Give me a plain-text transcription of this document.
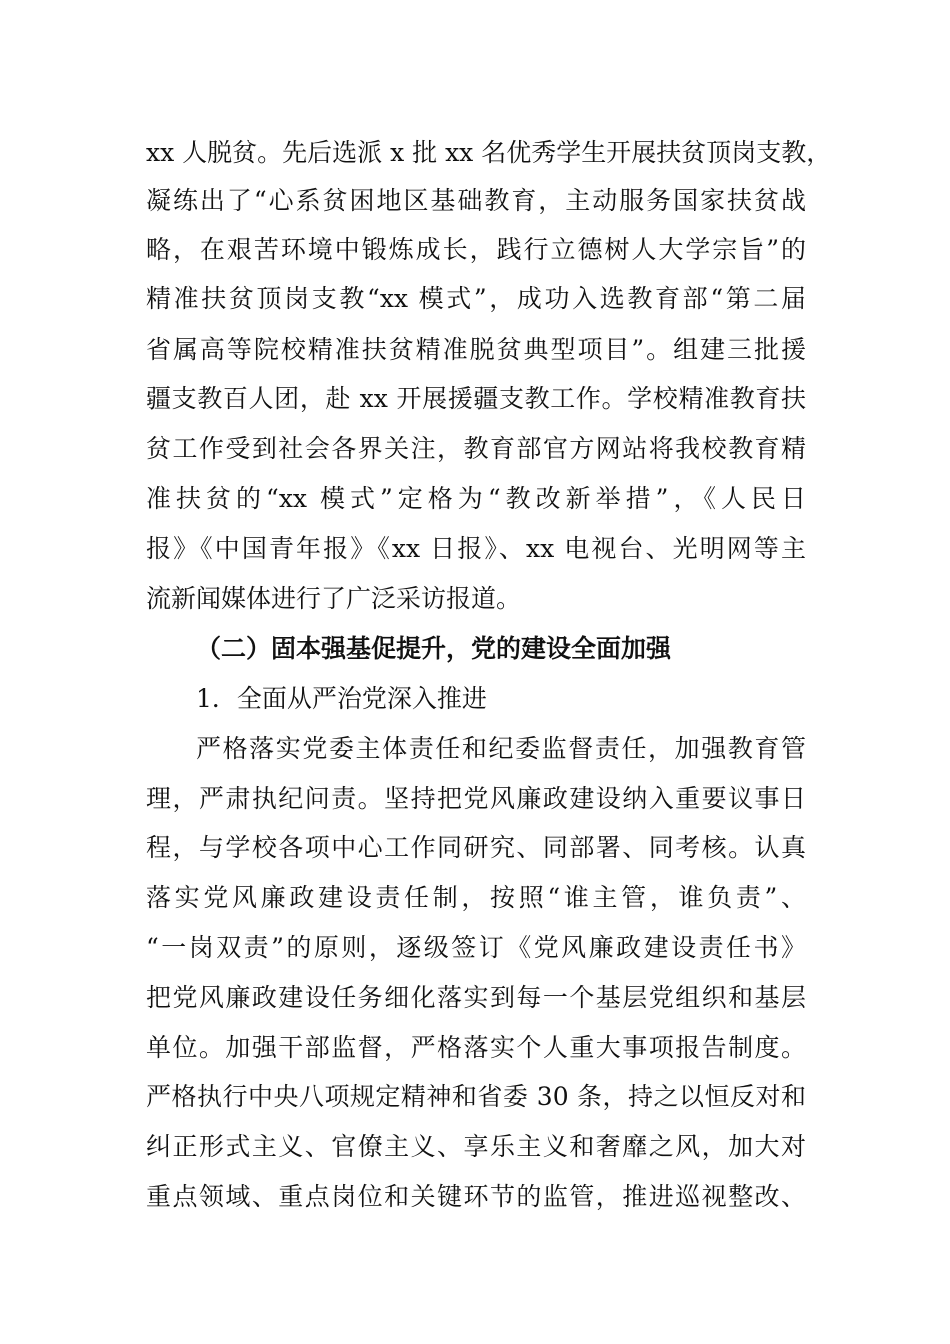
xx 人脱贫。先后选派 x 批 xx 名优秀学生开展扶贫顶岗支教，
凝练出了“心系贫困地区基础教育，主动服务国家扶贫战
略，在艰苦环境中锻炼成长，践行立德树人大学宗旨”的
精准扶贫顶岗支教“xx 模式”，成功入选教育部“第二届
省属高等院校精准扶贫精准脱贫典型项目”。组建三批援
疆支教百人团，赴 xx 开展援疆支教工作。学校精准教育扶
贫工作受到社会各界关注，教育部官方网站将我校教育精
准扶贫的“xx 模式”定格为“教改新举措”，《人民日
报》《中国青年报》《xx 日报》、xx 电视台、光明网等主
流新闻媒体进行了广泛采访报道。
（二）固本强基促提升，党的建设全面加强
1．全面从严治党深入推进
严格落实党委主体责任和纪委监督责任，加强教育管
理，严肃执纪问责。坚持把党风廉政建设纳入重要议事日
程，与学校各项中心工作同研究、同部署、同考核。认真
落实党风廉政建设责任制，按照“谁主管，谁负责”、
“一岗双责”的原则，逐级签订《党风廉政建设责任书》
把党风廉政建设任务细化落实到每一个基层党组织和基层
单位。加强干部监督，严格落实个人重大事项报告制度。
严格执行中央八项规定精神和省委 30 条，持之以恒反对和
纠正形式主义、官僚主义、享乐主义和奢靡之风，加大对
重点领域、重点岗位和关键环节的监管，推进巡视整改、
